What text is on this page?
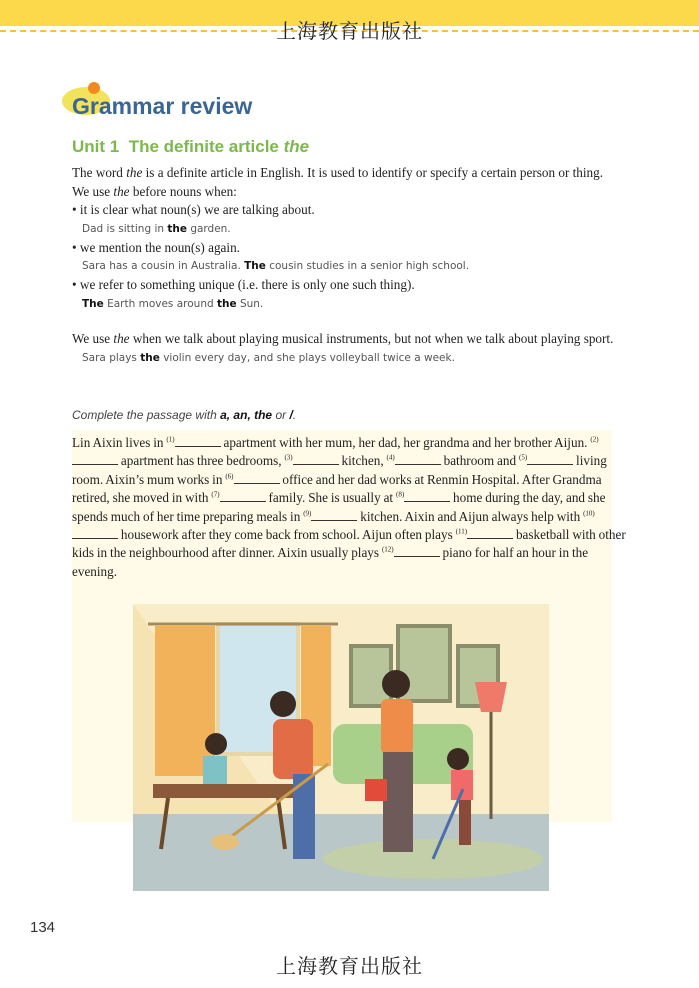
上海教育出版社
Grammar review
Unit 1 The definite article the
The word the is a definite article in English. It is used to identify or specify a certain person or thing.
We use the before nouns when:
• it is clear what noun(s) we are talking about.
Dad is sitting in the garden.
• we mention the noun(s) again.
Sara has a cousin in Australia. The cousin studies in a senior high school.
• we refer to something unique (i.e. there is only one such thing).
The Earth moves around the Sun.
We use the when we talk about playing musical instruments, but not when we talk about playing sport.
Sara plays the violin every day, and she plays volleyball twice a week.
Complete the passage with a, an, the or /.
Lin Aixin lives in $^{(1)}$	apartment with her mum, her dad, her grandma and her brother Aijun. $^{(2)}$ apartment has three bedrooms, $^{(3)}$	kitchen, $^{(4)}$	bathroom and $^{(5)}$	living room. Aixin’s mum works in $^{(6)}$	office and her dad works at Renmin Hospital. After Grandma retired, she moved in with $^{(7)}$	family. She is usually at $^{(8)}$	home during the day, and she spends much of her time preparing meals in $^{(9)}$	kitchen. Aixin and Aijun always help with $^{(10)}$ housework after they come back from school. Aijun often plays $^{(11)}$	basketball with other kids in the neighbourhood after dinner. Aixin usually plays $^{(12)}$	piano for half an hour in the evening.
134
上海教育出版社
